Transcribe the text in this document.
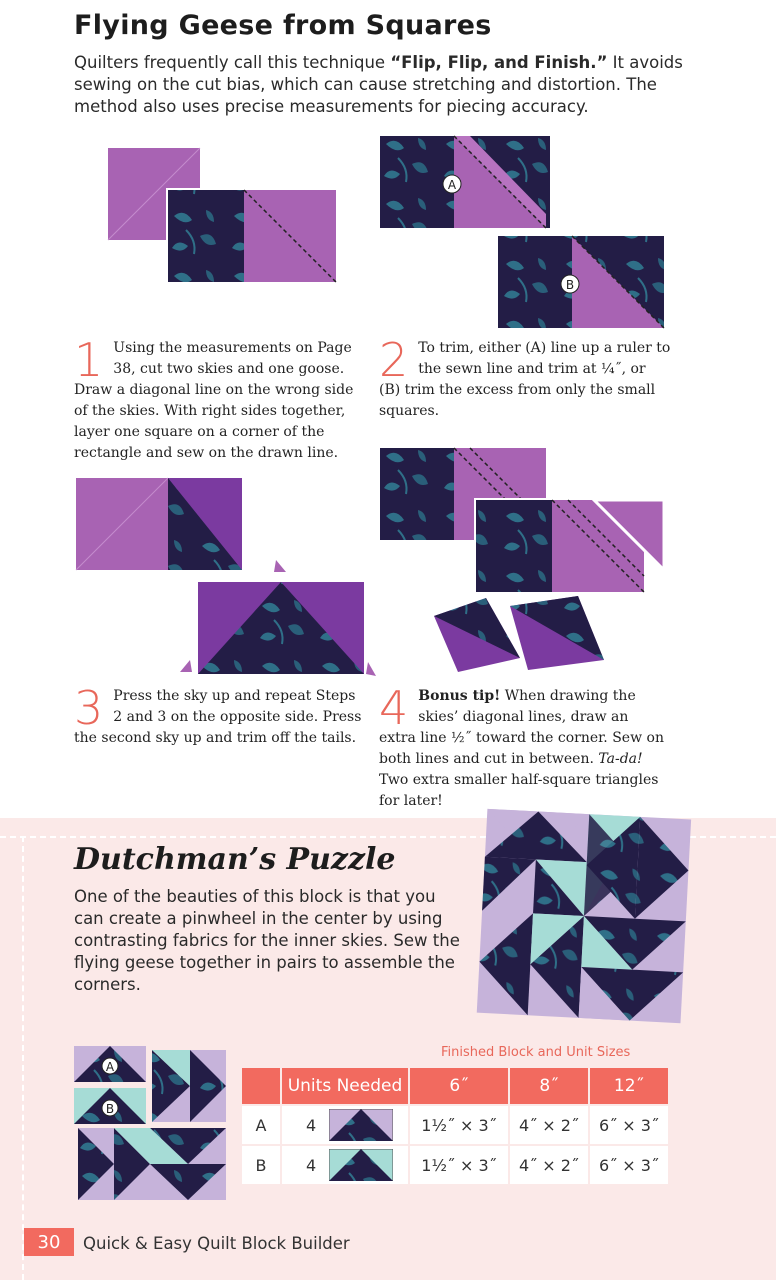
Flying Geese from Squares
Quilters frequently call this technique “Flip, Flip, and Finish.” It avoids sewing on the cut bias, which can cause stretching and distortion. The method also uses precise measurements for piecing accuracy.
A
B
1 Using the measurements on Page 38, cut two skies and one goose. Draw a diagonal line on the wrong side of the skies. With right sides together, layer one square on a corner of the rectangle and sew on the drawn line.
2 To trim, either (A) line up a ruler to the sewn line and trim at ¼˝, or (B) trim the excess from only the small squares.
3 Press the sky up and repeat Steps 2 and 3 on the opposite side. Press the second sky up and trim off the tails.
4 Bonus tip! When drawing the skies’ diagonal lines, draw an extra line ½˝ toward the corner. Sew on both lines and cut in between. Ta-da! Two extra smaller half-square triangles for later!
Dutchman’s Puzzle
One of the beauties of this block is that you can create a pinwheel in the center by using contrasting fabrics for the inner skies. Sew the flying geese together in pairs to assemble the corners.
A
B
Finished Block and Unit Sizes
	Units Needed	6˝	8˝	12˝
A	4	1½˝ × 3˝	4˝ × 2˝	6˝ × 3˝
B	4	1½˝ × 3˝	4˝ × 2˝	6˝ × 3˝
30	Quick & Easy Quilt Block Builder
